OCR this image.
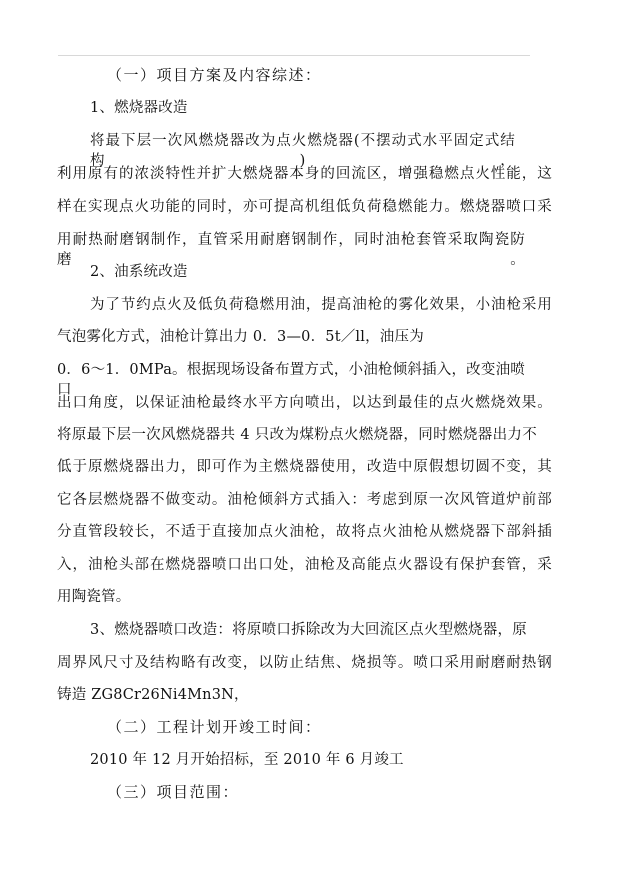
（一）项目方案及内容综述：
1、燃烧器改造
将最下层一次风燃烧器改为点火燃烧器(不摆动式水平固定式结构)，
利用原有的浓淡特性并扩大燃烧器本身的回流区，增强稳燃点火性能，这
样在实现点火功能的同时，亦可提高机组低负荷稳燃能力。燃烧器喷口采
用耐热耐磨钢制作，直管采用耐磨钢制作，同时油枪套管采取陶瓷防磨。
2、油系统改造
为了节约点火及低负荷稳燃用油，提高油枪的雾化效果，小油枪采用
气泡雾化方式，油枪计算出力 0．3—0．5t／ll，油压为
0．6～1．0MPa。根据现场设备布置方式，小油枪倾斜插入，改变油喷口
出口角度，以保证油枪最终水平方向喷出，以达到最佳的点火燃烧效果。
将原最下层一次风燃烧器共 4 只改为煤粉点火燃烧器，同时燃烧器出力不
低于原燃烧器出力，即可作为主燃烧器使用，改造中原假想切圆不变，其
它各层燃烧器不做变动。油枪倾斜方式插入：考虑到原一次风管道炉前部
分直管段较长，不适于直接加点火油枪，故将点火油枪从燃烧器下部斜插
入，油枪头部在燃烧器喷口出口处，油枪及高能点火器设有保护套管，采
用陶瓷管。
3、燃烧器喷口改造：将原喷口拆除改为大回流区点火型燃烧器，原
周界风尺寸及结构略有改变，以防止结焦、烧损等。喷口采用耐磨耐热钢
铸造 ZG8Cr26Ni4Mn3N，
（二）工程计划开竣工时间：
2010 年 12 月开始招标，至 2010 年 6 月竣工
（三）项目范围：
